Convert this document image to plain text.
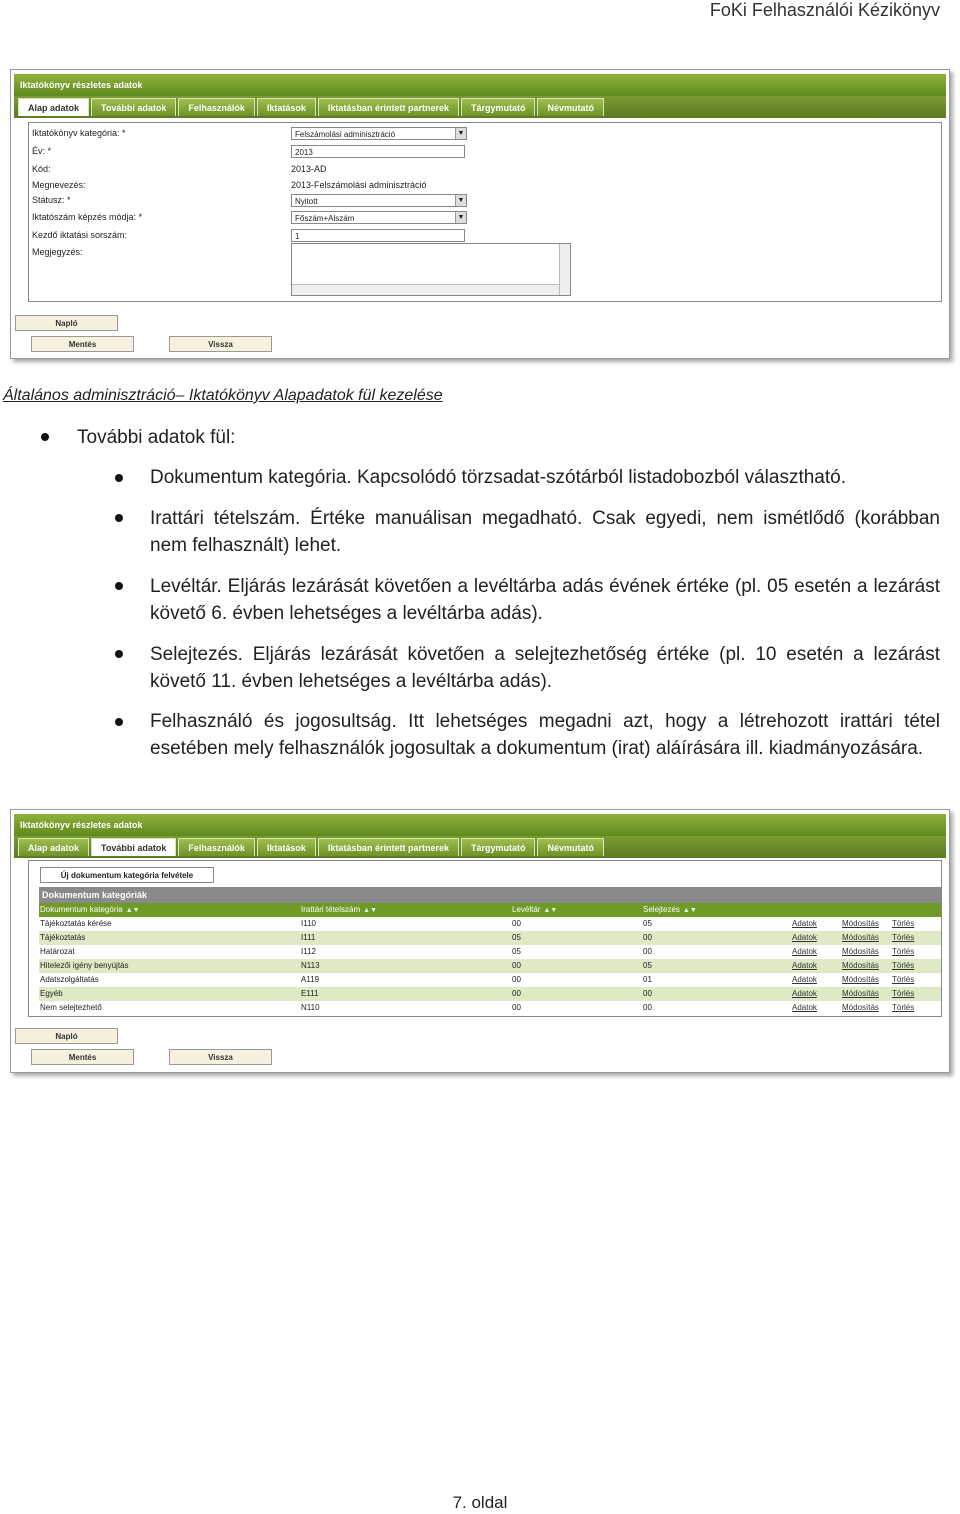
FoKi Felhasználói Kézikönyv
Iktatókönyv részletes adatok
Alap adatok	További adatok	Felhasználók	Iktatások	Iktatásban érintett partnerek	Tárgymutató	Névmutató
Iktatókönyv kategória: *	Felszámolási adminisztráció	▼
Év: *	2013
Kód:	2013-AD
Megnevezés:	2013-Felszámolási adminisztráció
Státusz: *	Nyitott	▼
Iktatószám képzés módja: *	Főszám+Alszám	▼
Kezdő iktatási sorszám:	1
Megjegyzés:
Napló
Mentés	Vissza
Általános adminisztráció– Iktatókönyv Alapadatok fül kezelése
További adatok fül:
Dokumentum kategória. Kapcsolódó törzsadat-szótárból listadobozból választható.
Irattári tételszám. Értéke manuálisan megadható. Csak egyedi, nem ismétlődő (korábban nem felhasznált) lehet.
Levéltár. Eljárás lezárását követően a levéltárba adás évének értéke (pl. 05 esetén a lezárást követő 6. évben lehetséges a levéltárba adás).
Selejtezés. Eljárás lezárását követően a selejtezhetőség értéke (pl. 10 esetén a lezárást követő 11. évben lehetséges a levéltárba adás).
Felhasználó és jogosultság. Itt lehetséges megadni azt, hogy a létrehozott irattári tétel esetében mely felhasználók jogosultak a dokumentum (irat) aláírására ill. kiadmányozására.
Iktatókönyv részletes adatok
Alap adatok	További adatok	Felhasználók	Iktatások	Iktatásban érintett partnerek	Tárgymutató	Névmutató
Új dokumentum kategória felvétele
Dokumentum kategóriák
Dokumentum kategória ▲▼	Irattári tételszám ▲▼	Levéltár ▲▼	Selejtezés ▲▼
Tájékoztatás kérése	I110	00	05	Adatok	Módosítás Törlés
Tájékoztatás	I111	05	00	Adatok	Módosítás Törlés
Határozat	I112	05	00	Adatok	Módosítás Törlés
Hitelezői igény benyújtás	N113	00	05	Adatok	Módosítás Törlés
Adatszolgáltatás	A119	00	01	Adatok	Módosítás Törlés
Egyéb	E111	00	00	Adatok	Módosítás Törlés
Nem selejtezhető	N110	00	00	Adatok	Módosítás Törlés
Napló
Mentés	Vissza
7. oldal
